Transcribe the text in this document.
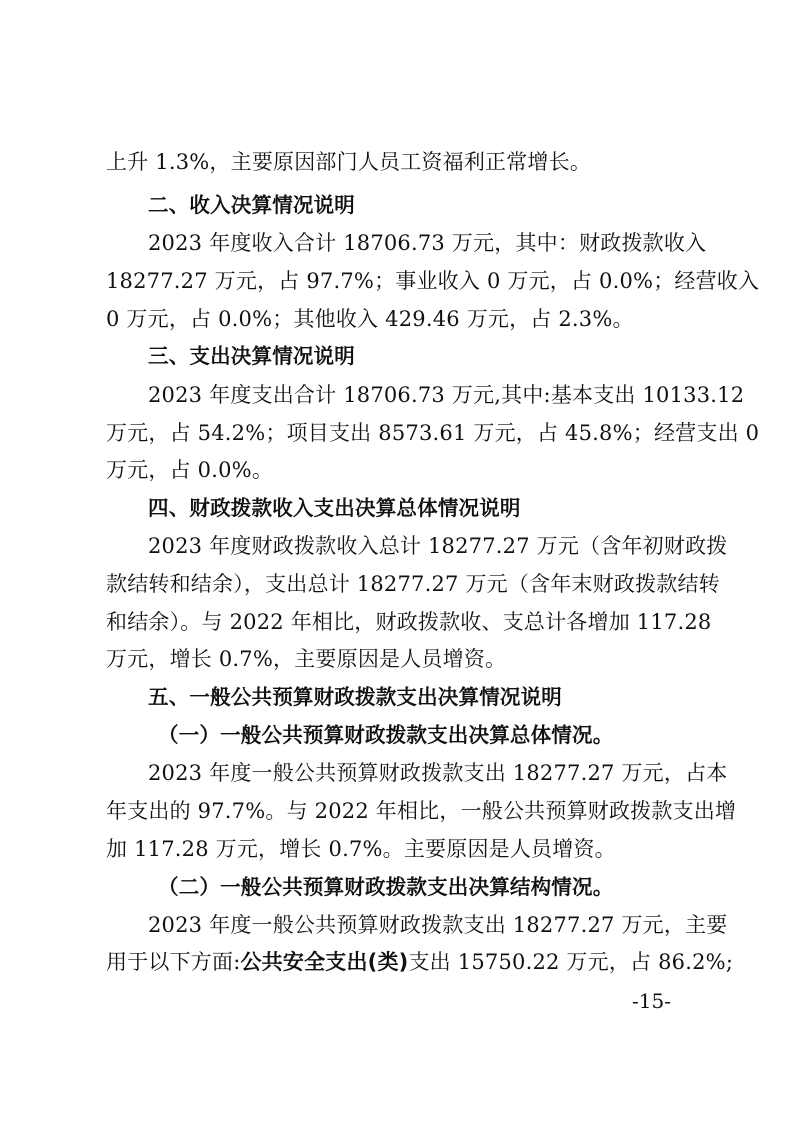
上升 1.3%，主要原因部门人员工资福利正常增长。
二、收入决算情况说明
2023 年度收入合计 18706.73 万元，其中：财政拨款收入
18277.27 万元，占 97.7%；事业收入 0 万元，占 0.0%；经营收入
0 万元，占 0.0%；其他收入 429.46 万元，占 2.3%。
三、支出决算情况说明
2023 年度支出合计 18706.73 万元,其中:基本支出 10133.12
万元，占 54.2%；项目支出 8573.61 万元，占 45.8%；经营支出 0
万元，占 0.0%。
四、财政拨款收入支出决算总体情况说明
2023 年度财政拨款收入总计 18277.27 万元（含年初财政拨
款结转和结余），支出总计 18277.27 万元（含年末财政拨款结转
和结余）。与 2022 年相比，财政拨款收、支总计各增加 117.28
万元，增长 0.7%，主要原因是人员增资。
五、一般公共预算财政拨款支出决算情况说明
（一）一般公共预算财政拨款支出决算总体情况。
2023 年度一般公共预算财政拨款支出 18277.27 万元，占本
年支出的 97.7%。与 2022 年相比，一般公共预算财政拨款支出增
加 117.28 万元，增长 0.7%。主要原因是人员增资。
（二）一般公共预算财政拨款支出决算结构情况。
2023 年度一般公共预算财政拨款支出 18277.27 万元，主要
用于以下方面:公共安全支出(类)支出 15750.22 万元，占 86.2%;
-15-
